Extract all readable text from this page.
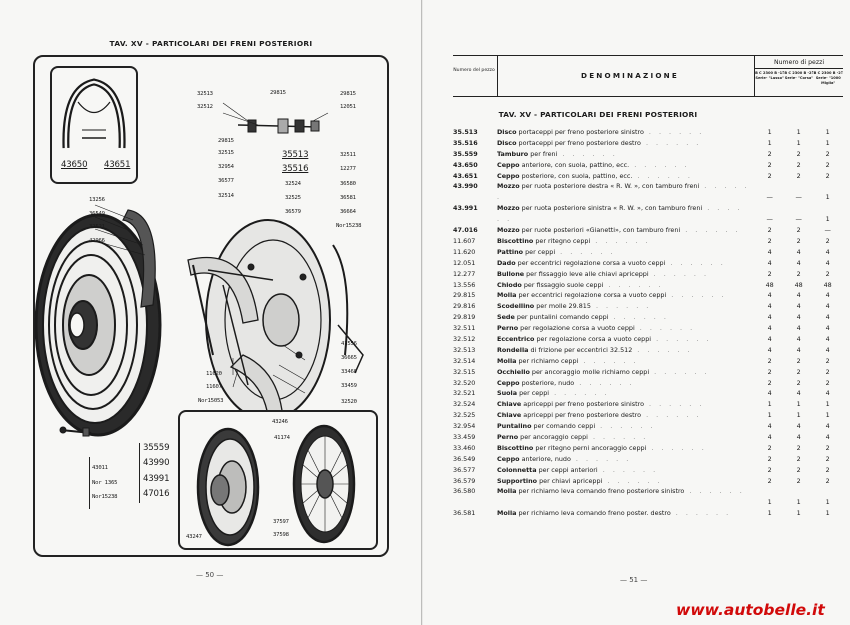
TAV. XV - PARTICOLARI DEI FRENI POSTERIORI
43650 43651
32513
32512
29815	29815
12051
29815
32515
32954
36577
32514
35513
35516
32524
32525
36579
32511
12277
36580
36581
36664
Nor15238
13256
36549
32521
42966
41556
36665
33460
33459
32520
11620
11607
Nor15053
43011
Nor 1365
Nor15238
43246
41174
43247
37597
37598
35559
43990
43991
47016
— 50 —
Numero del pezzo
DENOMINAZIONE
Numero di pezzi
B C 2300 B -1ª Serie- "Lusso"
B C 2300 B -2ª Serie- "Corsa"
B C 2300 B -2ª Serie- "1000 Miglia"
TAV. XV - PARTICOLARI DEI FRENI POSTERIORI
35.513	Disco portaceppi per freno posteriore sinistro . . . . . .	1	1	1
35.516	Disco portaceppi per freno posteriore destro . . . . . .	1	1	1
35.559	Tamburo per freni . . . . . .	2	2	2
43.650	Ceppo anteriore, con suola, pattino, ecc. . . . . . .	2	2	2
43.651	Ceppo posteriore, con suola, pattino, ecc. . . . . . .	2	2	2
43.990	Mozzo per ruota posteriore destra « R. W. », con tamburo freni . . . . . .	—	—	1
43.991	Mozzo per ruota posteriore sinistra « R. W. », con tamburo freni . . . . . .	—	—	1
47.016	Mozzo per ruote posteriori «Gianetti», con tamburo freni . . . . . .	2	2	—
11.607	Biscottino per ritegno ceppi . . . . . .	2	2	2
11.620	Pattino per ceppi . . . . . .	4	4	4
12.051	Dado per eccentrici regolazione corsa a vuoto ceppi . . . . . .	4	4	4
12.277	Bullone per fissaggio leve alle chiavi apriceppi . . . . . .	2	2	2
13.556	Chiodo per fissaggio suole ceppi . . . . . .	48	48	48
29.815	Molla per eccentrici regolazione corsa a vuoto ceppi . . . . . .	4	4	4
29.816	Scodellino per molle 29.815 . . . . . .	4	4	4
29.819	Sede per puntalini comando ceppi . . . . . .	4	4	4
32.511	Perno per regolazione corsa a vuoto ceppi . . . . . .	4	4	4
32.512	Eccentrico per regolazione corsa a vuoto ceppi . . . . . .	4	4	4
32.513	Rondella di frizione per eccentrici 32.512 . . . . . .	4	4	4
32.514	Molla per richiamo ceppi . . . . . .	2	2	2
32.515	Occhiello per ancoraggio molle richiamo ceppi . . . . . .	2	2	2
32.520	Ceppo posteriore, nudo . . . . . .	2	2	2
32.521	Suola per ceppi . . . . . .	4	4	4
32.524	Chiave apriceppi per freno posteriore sinistro . . . . . .	1	1	1
32.525	Chiave apriceppi per freno posteriore destro . . . . . .	1	1	1
32.954	Puntalino per comando ceppi . . . . . .	4	4	4
33.459	Perno per ancoraggio ceppi . . . . . .	4	4	4
33.460	Biscottino per ritegno perni ancoraggio ceppi . . . . . .	2	2	2
36.549	Ceppo anteriore, nudo . . . . . .	2	2	2
36.577	Colonnetta per ceppi anteriori . . . . . .	2	2	2
36.579	Supportino per chiavi apriceppi . . . . . .	2	2	2
36.580	Molla per richiamo leva comando freno posteriore sinistro . . . . . .
1	1	1
36.581	Molla per richiamo leva comando freno poster. destro . . . . . .	1	1	1
— 51 —
www.autobelle.it
